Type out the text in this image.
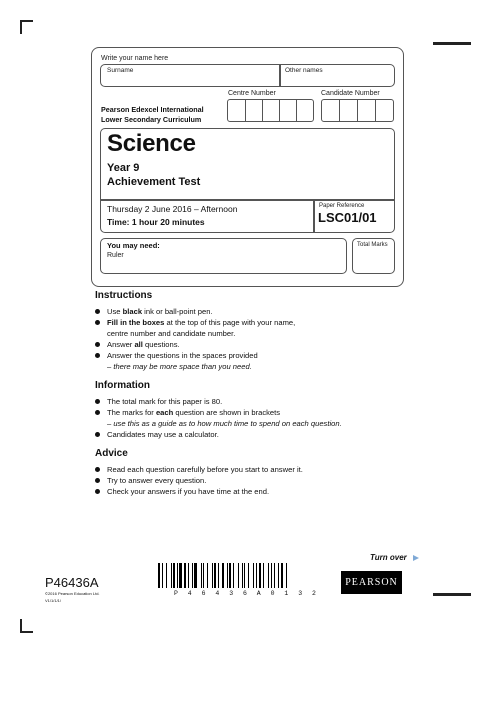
Write your name here
Surname	Other names
Centre Number	Candidate Number
Pearson Edexcel International
Lower Secondary Curriculum
Science
Year 9
Achievement Test
Thursday 2 June 2016 – Afternoon
Time: 1 hour 20 minutes
Paper Reference
LSC01/01
You may need:
Ruler
Total Marks
Instructions
Use black ink or ball-point pen.
Fill in the boxes at the top of this page with your name,
centre number and candidate number.
Answer all questions.
Answer the questions in the spaces provided
– there may be more space than you need.
Information
The total mark for this paper is 80.
The marks for each question are shown in brackets
– use this as a guide as to how much time to spend on each question.
Candidates may use a calculator.
Advice
Read each question carefully before you start to answer it.
Try to answer every question.
Check your answers if you have time at the end.
Turn over
P46436A
©2016 Pearson Education Ltd.
V1/1/1/1/
P 4 6 4 3 6 A 0 1 3 2
PEARSON
